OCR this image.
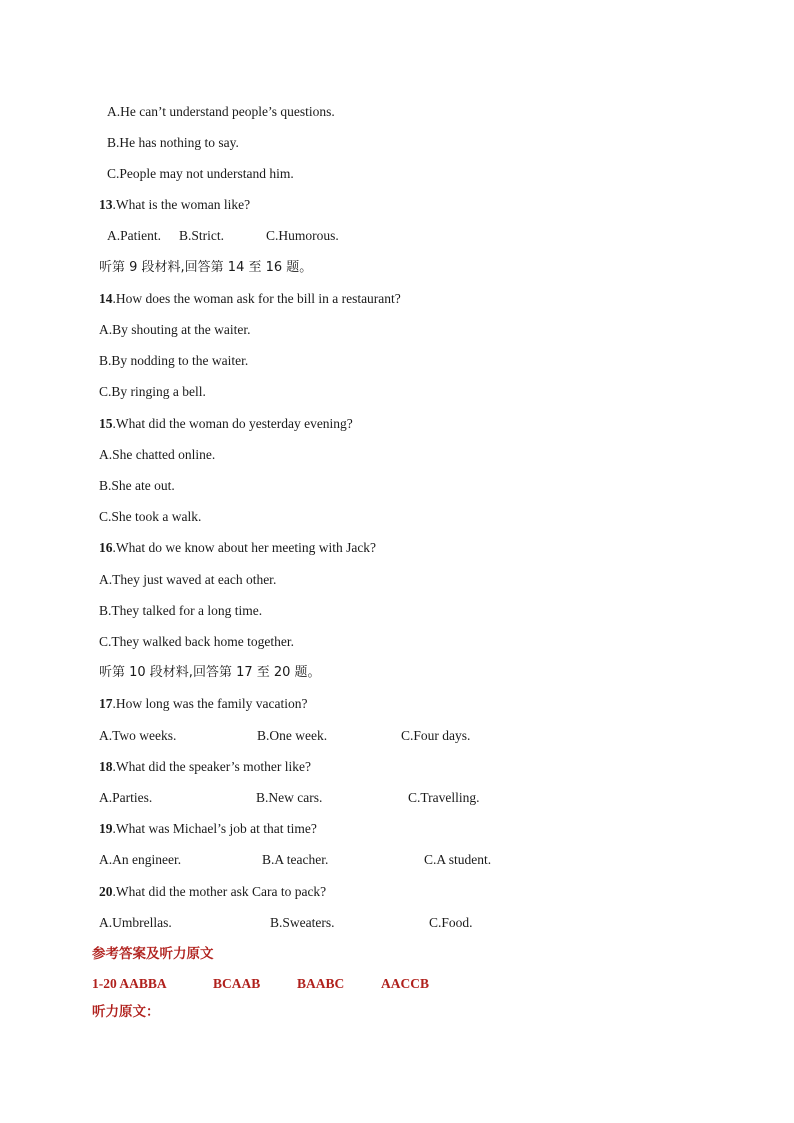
A.He can’t understand people’s questions.
B.He has nothing to say.
C.People may not understand him.
13.What is the woman like?
A.Patient. B.Strict.	C.Humorous.
听第 9 段材料,回答第 14 至 16 题。
14.How does the woman ask for the bill in a restaurant?
A.By shouting at the waiter.
B.By nodding to the waiter.
C.By ringing a bell.
15.What did the woman do yesterday evening?
A.She chatted online.
B.She ate out.
C.She took a walk.
16.What do we know about her meeting with Jack?
A.They just waved at each other.
B.They talked for a long time.
C.They walked back home together.
听第 10 段材料,回答第 17 至 20 题。
17.How long was the family vacation?
A.Two weeks.	B.One week.	C.Four days.
18.What did the speaker’s mother like?
A.Parties.	B.New cars.	C.Travelling.
19.What was Michael’s job at that time?
A.An engineer.	B.A teacher.	C.A student.
20.What did the mother ask Cara to pack?
A.Umbrellas.	B.Sweaters.	C.Food.
参考答案及听力原文
1-20 AABBA	BCAAB	BAABC	AACCB
听力原文：
